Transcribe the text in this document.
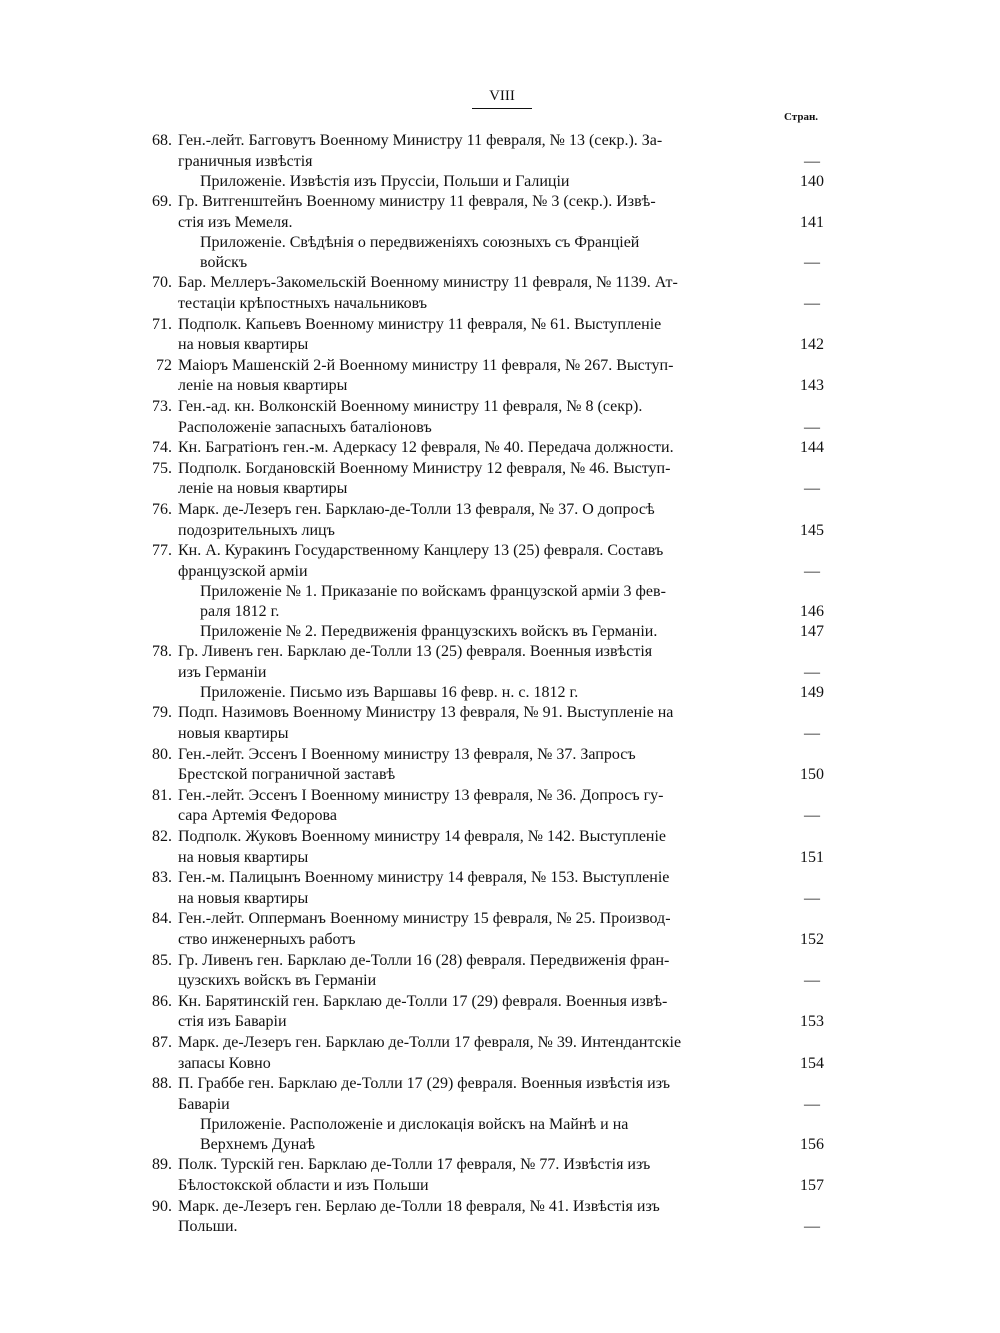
VIII
Стран.
68. Ген.-лейт. Багговутъ Военному Министру 11 февраля, № 13 (секр.). За-
граничныя извѣстія	—
Приложеніе. Извѣстія изъ Пруссіи, Польши и Галиціи	140
69. Гр. Витгенштейнъ Военному министру 11 февраля, № 3 (секр.). Извѣ-
стія изъ Мемеля.	141
Приложеніе. Свѣдѣнія о передвиженіяхъ союзныхъ съ Франціей
войскъ	—
70. Бар. Меллеръ-Закомельскій Военному министру 11 февраля, № 1139. Ат-
тестаціи крѣпостныхъ начальниковъ	—
71. Подполк. Капьевъ Военному министру 11 февраля, № 61. Выступленіе
на новыя квартиры	142
72 Маіоръ Машенскій 2-й Военному министру 11 февраля, № 267. Выступ-
леніе на новыя квартиры	143
73. Ген.-ад. кн. Волконскій Военному министру 11 февраля, № 8 (секр).
Расположеніе запасныхъ баталіоновъ	—
74. Кн. Багратіонъ ген.-м. Адеркасу 12 февраля, № 40. Передача должности.	144
75. Подполк. Богдановскій Военному Министру 12 февраля, № 46. Выступ-
леніе на новыя квартиры	—
76. Марк. де-Лезеръ ген. Барклаю-де-Толли 13 февраля, № 37. О допросѣ
подозрительныхъ лицъ	145
77. Кн. А. Куракинъ Государственному Канцлеру 13 (25) февраля. Составъ
французской арміи	—
Приложеніе № 1. Приказаніе по войскамъ французской арміи 3 фев-
раля 1812 г.	146
Приложеніе № 2. Передвиженія французскихъ войскъ въ Германіи.	147
78. Гр. Ливенъ ген. Барклаю де-Толли 13 (25) февраля. Военныя извѣстія
изъ Германіи	—
Приложеніе. Письмо изъ Варшавы 16 февр. н. с. 1812 г.	149
79. Подп. Назимовъ Военному Министру 13 февраля, № 91. Выступленіе на
новыя квартиры	—
80. Ген.-лейт. Эссенъ I Военному министру 13 февраля, № 37. Запросъ
Брестской пограничной заставѣ	150
81. Ген.-лейт. Эссенъ I Военному министру 13 февраля, № 36. Допросъ гу-
сара Артемія Федорова	—
82. Подполк. Жуковъ Военному министру 14 февраля, № 142. Выступленіе
на новыя квартиры	151
83. Ген.-м. Палицынъ Военному министру 14 февраля, № 153. Выступленіе
на новыя квартиры	—
84. Ген.-лейт. Опперманъ Военному министру 15 февраля, № 25. Производ-
ство инженерныхъ работъ	152
85. Гр. Ливенъ ген. Барклаю де-Толли 16 (28) февраля. Передвиженія фран-
цузскихъ войскъ въ Германіи	—
86. Кн. Барятинскій ген. Барклаю де-Толли 17 (29) февраля. Военныя извѣ-
стія изъ Баваріи	153
87. Марк. де-Лезеръ ген. Барклаю де-Толли 17 февраля, № 39. Интендантскіе
запасы Ковно	154
88. П. Граббе ген. Барклаю де-Толли 17 (29) февраля. Военныя извѣстія изъ
Баваріи	—
Приложеніе. Расположеніе и дислокація войскъ на Майнѣ и на
Верхнемъ Дунаѣ	156
89. Полк. Турскій ген. Барклаю де-Толли 17 февраля, № 77. Извѣстія изъ
Бѣлостокской области и изъ Польши	157
90. Марк. де-Лезеръ ген. Берлаю де-Толли 18 февраля, № 41. Извѣстія изъ
Польши.	—
